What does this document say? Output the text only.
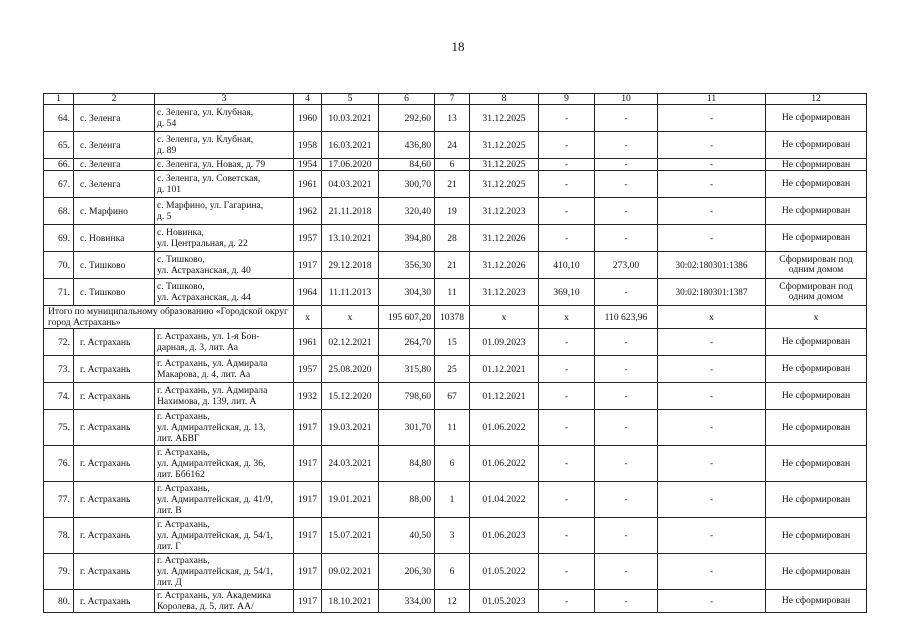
18
1	2	3	4	5	6	7	8	9	10	11	12
64.	с. Зеленга	с. Зеленга, ул. Клубная,
д. 54	1960	10.03.2021	292,60	13	31.12.2025	-	-	-	Не сформирован
65.	с. Зеленга	с. Зеленга, ул. Клубная,
д. 89	1958	16.03.2021	436,80	24	31.12.2025	-	-	-	Не сформирован
66.	с. Зеленга	с. Зеленга, ул. Новая, д. 79	1954	17.06.2020	84,60	6	31.12.2025	-	-	-	Не сформирован
67.	с. Зеленга	с. Зеленга, ул. Советская,
д. 101	1961	04.03.2021	300,70	21	31.12.2025	-	-	-	Не сформирован
68.	с. Марфино	с. Марфино, ул. Гагарина,
д. 5	1962	21.11.2018	320,40	19	31.12.2023	-	-	-	Не сформирован
69.	с. Новинка	с. Новинка,
ул. Центральная, д. 22	1957	13.10.2021	394,80	28	31.12.2026	-	-	-	Не сформирован
70.	с. Тишково	с. Тишково,
ул. Астраханская, д. 40	1917	29.12.2018	356,30	21	31.12.2026	410,10	273,00	30:02:180301:1386	Сформирован под одним домом
71.	с. Тишково	с. Тишково,
ул. Астраханская, д. 44	1964	11.11.2013	304,30	11	31.12.2023	369,10	-	30:02:180301:1387	Сформирован под одним домом
Итого по муниципальному образованию «Городской округ город Астрахань»			x	x	195 607,20	10378	x	x	110 623,96	x	x
72.	г. Астрахань	г. Астрахань, ул. 1-я Бон-
дарная, д. 3, лит. Аа	1961	02.12.2021	264,70	15	01.09.2023	-	-	-	Не сформирован
73.	г. Астрахань	г. Астрахань, ул. Адмирала
Макарова, д. 4, лит. Аа	1957	25.08.2020	315,80	25	01.12.2021	-	-	-	Не сформирован
74.	г. Астрахань	г. Астрахань, ул. Адмирала
Нахимова, д. 139, лит. А	1932	15.12.2020	798,60	67	01.12.2021	-	-	-	Не сформирован
75.	г. Астрахань	г. Астрахань,
ул. Адмиралтейская, д. 13,
лит. АБВГ	1917	19.03.2021	301,70	11	01.06.2022	-	-	-	Не сформирован
76.	г. Астрахань	г. Астрахань,
ул. Адмиралтейская, д. 36,
лит. Бб6162	1917	24.03.2021	84,80	6	01.06.2022	-	-	-	Не сформирован
77.	г. Астрахань	г. Астрахань,
ул. Адмиралтейская, д. 41/9,
лит. В	1917	19.01.2021	88,00	1	01.04.2022	-	-	-	Не сформирован
78.	г. Астрахань	г. Астрахань,
ул. Адмиралтейская, д. 54/1,
лит. Г	1917	15.07.2021	40,50	3	01.06.2023	-	-	-	Не сформирован
79.	г. Астрахань	г. Астрахань,
ул. Адмиралтейская, д. 54/1,
лит. Д	1917	09.02.2021	206,30	6	01.05.2022	-	-	-	Не сформирован
80.	г. Астрахань	г. Астрахань, ул. Академика
Королева, д. 5, лит. АА/	1917	18.10.2021	334,00	12	01.05.2023	-	-	-	Не сформирован
